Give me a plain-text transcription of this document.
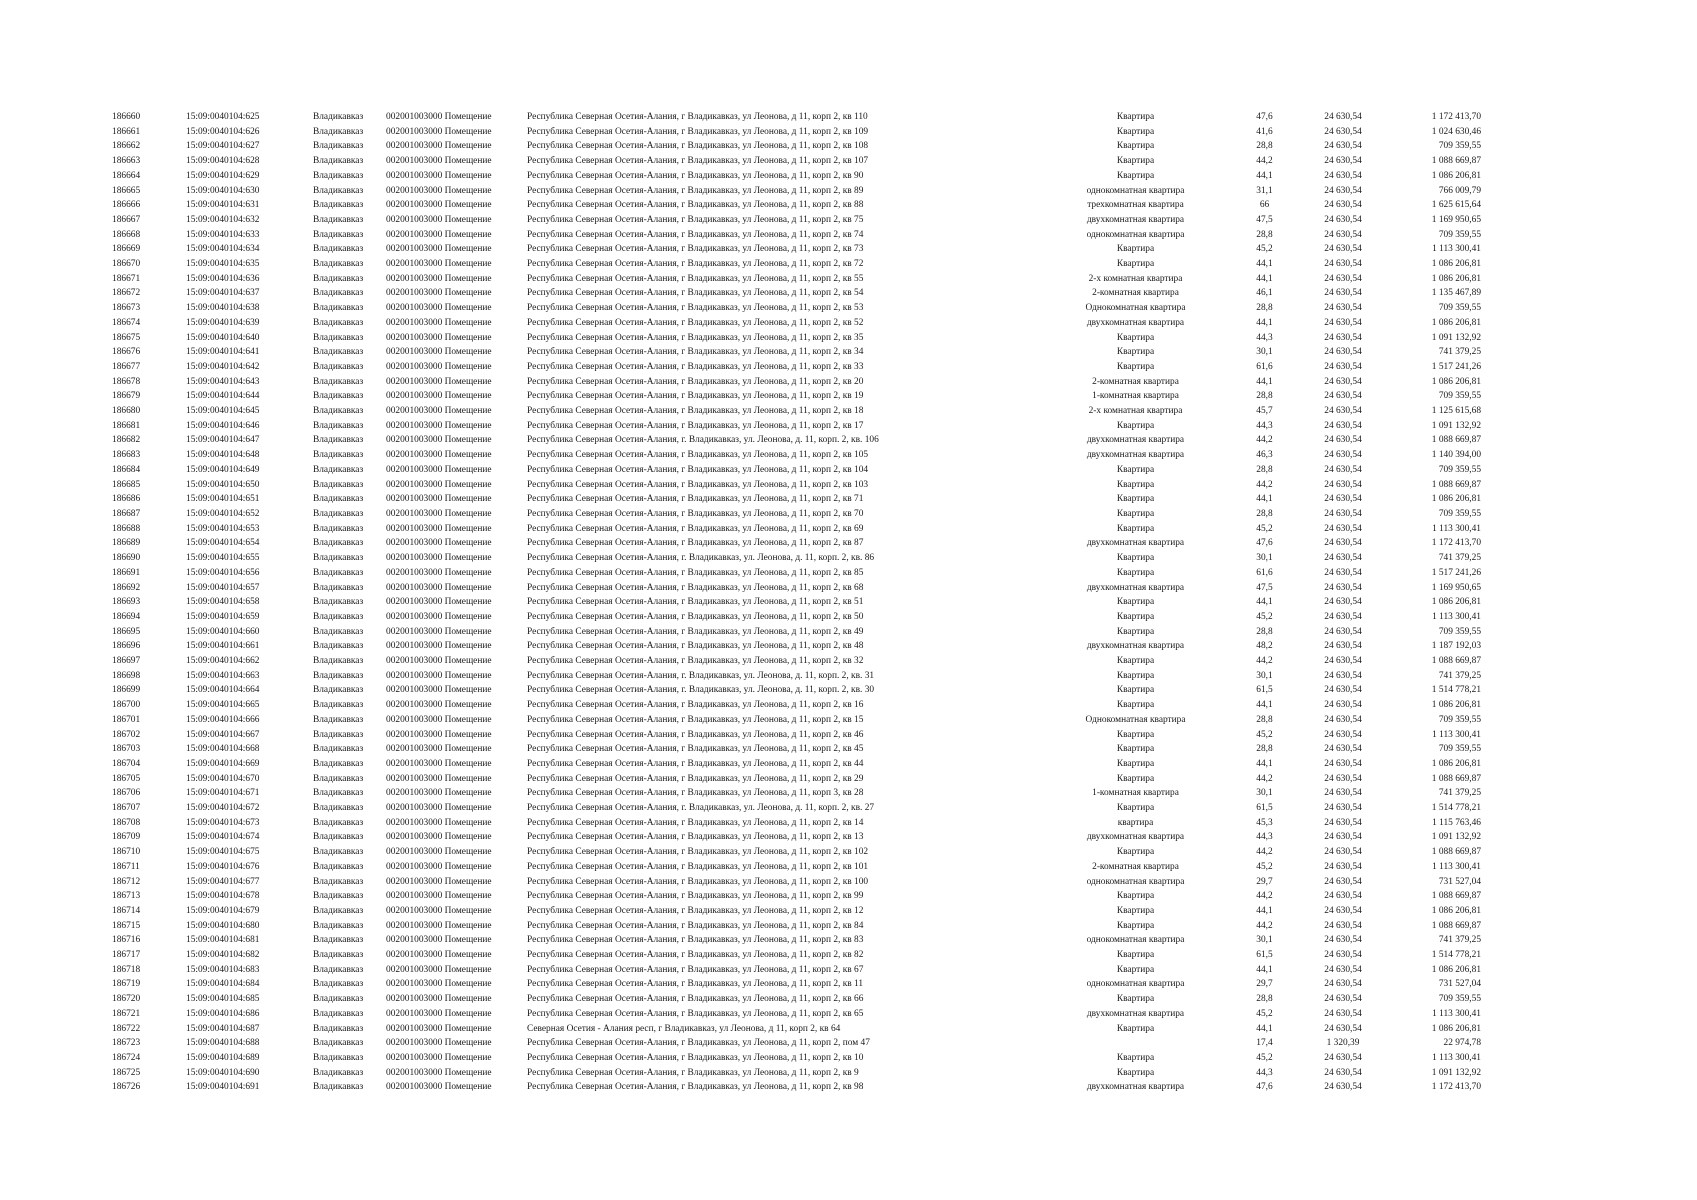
186660	15:09:0040104:625	Владикавказ	002001003000 Помещение	Республика Северная Осетия-Алания, г Владикавказ, ул Леонова, д 11, корп 2, кв 110	Квартира	47,6	24 630,54	1 172 413,70
186661	15:09:0040104:626	Владикавказ	002001003000 Помещение	Республика Северная Осетия-Алания, г Владикавказ, ул Леонова, д 11, корп 2, кв 109	Квартира	41,6	24 630,54	1 024 630,46
186662	15:09:0040104:627	Владикавказ	002001003000 Помещение	Республика Северная Осетия-Алания, г Владикавказ, ул Леонова, д 11, корп 2, кв 108	Квартира	28,8	24 630,54	709 359,55
186663	15:09:0040104:628	Владикавказ	002001003000 Помещение	Республика Северная Осетия-Алания, г Владикавказ, ул Леонова, д 11, корп 2, кв 107	Квартира	44,2	24 630,54	1 088 669,87
186664	15:09:0040104:629	Владикавказ	002001003000 Помещение	Республика Северная Осетия-Алания, г Владикавказ, ул Леонова, д 11, корп 2, кв 90	Квартира	44,1	24 630,54	1 086 206,81
186665	15:09:0040104:630	Владикавказ	002001003000 Помещение	Республика Северная Осетия-Алания, г Владикавказ, ул Леонова, д 11, корп 2, кв 89	однокомнатная квартира	31,1	24 630,54	766 009,79
186666	15:09:0040104:631	Владикавказ	002001003000 Помещение	Республика Северная Осетия-Алания, г Владикавказ, ул Леонова, д 11, корп 2, кв 88	трехкомнатная квартира	66	24 630,54	1 625 615,64
186667	15:09:0040104:632	Владикавказ	002001003000 Помещение	Республика Северная Осетия-Алания, г Владикавказ, ул Леонова, д 11, корп 2, кв 75	двухкомнатная квартира	47,5	24 630,54	1 169 950,65
186668	15:09:0040104:633	Владикавказ	002001003000 Помещение	Республика Северная Осетия-Алания, г Владикавказ, ул Леонова, д 11, корп 2, кв 74	однокомнатная квартира	28,8	24 630,54	709 359,55
186669	15:09:0040104:634	Владикавказ	002001003000 Помещение	Республика Северная Осетия-Алания, г Владикавказ, ул Леонова, д 11, корп 2, кв 73	Квартира	45,2	24 630,54	1 113 300,41
186670	15:09:0040104:635	Владикавказ	002001003000 Помещение	Республика Северная Осетия-Алания, г Владикавказ, ул Леонова, д 11, корп 2, кв 72	Квартира	44,1	24 630,54	1 086 206,81
186671	15:09:0040104:636	Владикавказ	002001003000 Помещение	Республика Северная Осетия-Алания, г Владикавказ, ул Леонова, д 11, корп 2, кв 55	2-х комнатная квартира	44,1	24 630,54	1 086 206,81
186672	15:09:0040104:637	Владикавказ	002001003000 Помещение	Республика Северная Осетия-Алания, г Владикавказ, ул Леонова, д 11, корп 2, кв 54	2-комнатная квартира	46,1	24 630,54	1 135 467,89
186673	15:09:0040104:638	Владикавказ	002001003000 Помещение	Республика Северная Осетия-Алания, г Владикавказ, ул Леонова, д 11, корп 2, кв 53	Однокомнатная квартира	28,8	24 630,54	709 359,55
186674	15:09:0040104:639	Владикавказ	002001003000 Помещение	Республика Северная Осетия-Алания, г Владикавказ, ул Леонова, д 11, корп 2, кв 52	двухкомнатная квартира	44,1	24 630,54	1 086 206,81
186675	15:09:0040104:640	Владикавказ	002001003000 Помещение	Республика Северная Осетия-Алания, г Владикавказ, ул Леонова, д 11, корп 2, кв 35	Квартира	44,3	24 630,54	1 091 132,92
186676	15:09:0040104:641	Владикавказ	002001003000 Помещение	Республика Северная Осетия-Алания, г Владикавказ, ул Леонова, д 11, корп 2, кв 34	Квартира	30,1	24 630,54	741 379,25
186677	15:09:0040104:642	Владикавказ	002001003000 Помещение	Республика Северная Осетия-Алания, г Владикавказ, ул Леонова, д 11, корп 2, кв 33	Квартира	61,6	24 630,54	1 517 241,26
186678	15:09:0040104:643	Владикавказ	002001003000 Помещение	Республика Северная Осетия-Алания, г Владикавказ, ул Леонова, д 11, корп 2, кв 20	2-комнатная квартира	44,1	24 630,54	1 086 206,81
186679	15:09:0040104:644	Владикавказ	002001003000 Помещение	Республика Северная Осетия-Алания, г Владикавказ, ул Леонова, д 11, корп 2, кв 19	1-комнатная квартира	28,8	24 630,54	709 359,55
186680	15:09:0040104:645	Владикавказ	002001003000 Помещение	Республика Северная Осетия-Алания, г Владикавказ, ул Леонова, д 11, корп 2, кв 18	2-х комнатная квартира	45,7	24 630,54	1 125 615,68
186681	15:09:0040104:646	Владикавказ	002001003000 Помещение	Республика Северная Осетия-Алания, г Владикавказ, ул Леонова, д 11, корп 2, кв 17	Квартира	44,3	24 630,54	1 091 132,92
186682	15:09:0040104:647	Владикавказ	002001003000 Помещение	Республика Северная Осетия-Алания, г. Владикавказ, ул. Леонова, д. 11, корп. 2, кв. 106	двухкомнатная квартира	44,2	24 630,54	1 088 669,87
186683	15:09:0040104:648	Владикавказ	002001003000 Помещение	Республика Северная Осетия-Алания, г Владикавказ, ул Леонова, д 11, корп 2, кв 105	двухкомнатная квартира	46,3	24 630,54	1 140 394,00
186684	15:09:0040104:649	Владикавказ	002001003000 Помещение	Республика Северная Осетия-Алания, г Владикавказ, ул Леонова, д 11, корп 2, кв 104	Квартира	28,8	24 630,54	709 359,55
186685	15:09:0040104:650	Владикавказ	002001003000 Помещение	Республика Северная Осетия-Алания, г Владикавказ, ул Леонова, д 11, корп 2, кв 103	Квартира	44,2	24 630,54	1 088 669,87
186686	15:09:0040104:651	Владикавказ	002001003000 Помещение	Республика Северная Осетия-Алания, г Владикавказ, ул Леонова, д 11, корп 2, кв 71	Квартира	44,1	24 630,54	1 086 206,81
186687	15:09:0040104:652	Владикавказ	002001003000 Помещение	Республика Северная Осетия-Алания, г Владикавказ, ул Леонова, д 11, корп 2, кв 70	Квартира	28,8	24 630,54	709 359,55
186688	15:09:0040104:653	Владикавказ	002001003000 Помещение	Республика Северная Осетия-Алания, г Владикавказ, ул Леонова, д 11, корп 2, кв 69	Квартира	45,2	24 630,54	1 113 300,41
186689	15:09:0040104:654	Владикавказ	002001003000 Помещение	Республика Северная Осетия-Алания, г Владикавказ, ул Леонова, д 11, корп 2, кв 87	двухкомнатная квартира	47,6	24 630,54	1 172 413,70
186690	15:09:0040104:655	Владикавказ	002001003000 Помещение	Республика Северная Осетия-Алания, г. Владикавказ, ул. Леонова, д. 11, корп. 2, кв. 86	Квартира	30,1	24 630,54	741 379,25
186691	15:09:0040104:656	Владикавказ	002001003000 Помещение	Республика Северная Осетия-Алания, г Владикавказ, ул Леонова, д 11, корп 2, кв 85	Квартира	61,6	24 630,54	1 517 241,26
186692	15:09:0040104:657	Владикавказ	002001003000 Помещение	Республика Северная Осетия-Алания, г Владикавказ, ул Леонова, д 11, корп 2, кв 68	двухкомнатная квартира	47,5	24 630,54	1 169 950,65
186693	15:09:0040104:658	Владикавказ	002001003000 Помещение	Республика Северная Осетия-Алания, г Владикавказ, ул Леонова, д 11, корп 2, кв 51	Квартира	44,1	24 630,54	1 086 206,81
186694	15:09:0040104:659	Владикавказ	002001003000 Помещение	Республика Северная Осетия-Алания, г Владикавказ, ул Леонова, д 11, корп 2, кв 50	Квартира	45,2	24 630,54	1 113 300,41
186695	15:09:0040104:660	Владикавказ	002001003000 Помещение	Республика Северная Осетия-Алания, г Владикавказ, ул Леонова, д 11, корп 2, кв 49	Квартира	28,8	24 630,54	709 359,55
186696	15:09:0040104:661	Владикавказ	002001003000 Помещение	Республика Северная Осетия-Алания, г Владикавказ, ул Леонова, д 11, корп 2, кв 48	двухкомнатная квартира	48,2	24 630,54	1 187 192,03
186697	15:09:0040104:662	Владикавказ	002001003000 Помещение	Республика Северная Осетия-Алания, г Владикавказ, ул Леонова, д 11, корп 2, кв 32	Квартира	44,2	24 630,54	1 088 669,87
186698	15:09:0040104:663	Владикавказ	002001003000 Помещение	Республика Северная Осетия-Алания, г. Владикавказ, ул. Леонова, д. 11, корп. 2, кв. 31	Квартира	30,1	24 630,54	741 379,25
186699	15:09:0040104:664	Владикавказ	002001003000 Помещение	Республика Северная Осетия-Алания, г. Владикавказ, ул. Леонова, д. 11, корп. 2, кв. 30	Квартира	61,5	24 630,54	1 514 778,21
186700	15:09:0040104:665	Владикавказ	002001003000 Помещение	Республика Северная Осетия-Алания, г Владикавказ, ул Леонова, д 11, корп 2, кв 16	Квартира	44,1	24 630,54	1 086 206,81
186701	15:09:0040104:666	Владикавказ	002001003000 Помещение	Республика Северная Осетия-Алания, г Владикавказ, ул Леонова, д 11, корп 2, кв 15	Однокомнатная квартира	28,8	24 630,54	709 359,55
186702	15:09:0040104:667	Владикавказ	002001003000 Помещение	Республика Северная Осетия-Алания, г Владикавказ, ул Леонова, д 11, корп 2, кв 46	Квартира	45,2	24 630,54	1 113 300,41
186703	15:09:0040104:668	Владикавказ	002001003000 Помещение	Республика Северная Осетия-Алания, г Владикавказ, ул Леонова, д 11, корп 2, кв 45	Квартира	28,8	24 630,54	709 359,55
186704	15:09:0040104:669	Владикавказ	002001003000 Помещение	Республика Северная Осетия-Алания, г Владикавказ, ул Леонова, д 11, корп 2, кв 44	Квартира	44,1	24 630,54	1 086 206,81
186705	15:09:0040104:670	Владикавказ	002001003000 Помещение	Республика Северная Осетия-Алания, г Владикавказ, ул Леонова, д 11, корп 2, кв 29	Квартира	44,2	24 630,54	1 088 669,87
186706	15:09:0040104:671	Владикавказ	002001003000 Помещение	Республика Северная Осетия-Алания, г Владикавказ, ул Леонова, д 11, корп 3, кв 28	1-комнатная квартира	30,1	24 630,54	741 379,25
186707	15:09:0040104:672	Владикавказ	002001003000 Помещение	Республика Северная Осетия-Алания, г. Владикавказ, ул. Леонова, д. 11, корп. 2, кв. 27	Квартира	61,5	24 630,54	1 514 778,21
186708	15:09:0040104:673	Владикавказ	002001003000 Помещение	Республика Северная Осетия-Алания, г Владикавказ, ул Леонова, д 11, корп 2, кв 14	квартира	45,3	24 630,54	1 115 763,46
186709	15:09:0040104:674	Владикавказ	002001003000 Помещение	Республика Северная Осетия-Алания, г Владикавказ, ул Леонова, д 11, корп 2, кв 13	двухкомнатная квартира	44,3	24 630,54	1 091 132,92
186710	15:09:0040104:675	Владикавказ	002001003000 Помещение	Республика Северная Осетия-Алания, г Владикавказ, ул Леонова, д 11, корп 2, кв 102	Квартира	44,2	24 630,54	1 088 669,87
186711	15:09:0040104:676	Владикавказ	002001003000 Помещение	Республика Северная Осетия-Алания, г Владикавказ, ул Леонова, д 11, корп 2, кв 101	2-комнатная квартира	45,2	24 630,54	1 113 300,41
186712	15:09:0040104:677	Владикавказ	002001003000 Помещение	Республика Северная Осетия-Алания, г Владикавказ, ул Леонова, д 11, корп 2, кв 100	однокомнатная квартира	29,7	24 630,54	731 527,04
186713	15:09:0040104:678	Владикавказ	002001003000 Помещение	Республика Северная Осетия-Алания, г Владикавказ, ул Леонова, д 11, корп 2, кв 99	Квартира	44,2	24 630,54	1 088 669,87
186714	15:09:0040104:679	Владикавказ	002001003000 Помещение	Республика Северная Осетия-Алания, г Владикавказ, ул Леонова, д 11, корп 2, кв 12	Квартира	44,1	24 630,54	1 086 206,81
186715	15:09:0040104:680	Владикавказ	002001003000 Помещение	Республика Северная Осетия-Алания, г Владикавказ, ул Леонова, д 11, корп 2, кв 84	Квартира	44,2	24 630,54	1 088 669,87
186716	15:09:0040104:681	Владикавказ	002001003000 Помещение	Республика Северная Осетия-Алания, г Владикавказ, ул Леонова, д 11, корп 2, кв 83	однокомнатная квартира	30,1	24 630,54	741 379,25
186717	15:09:0040104:682	Владикавказ	002001003000 Помещение	Республика Северная Осетия-Алания, г Владикавказ, ул Леонова, д 11, корп 2, кв 82	Квартира	61,5	24 630,54	1 514 778,21
186718	15:09:0040104:683	Владикавказ	002001003000 Помещение	Республика Северная Осетия-Алания, г Владикавказ, ул Леонова, д 11, корп 2, кв 67	Квартира	44,1	24 630,54	1 086 206,81
186719	15:09:0040104:684	Владикавказ	002001003000 Помещение	Республика Северная Осетия-Алания, г Владикавказ, ул Леонова, д 11, корп 2, кв 11	однокомнатная квартира	29,7	24 630,54	731 527,04
186720	15:09:0040104:685	Владикавказ	002001003000 Помещение	Республика Северная Осетия-Алания, г Владикавказ, ул Леонова, д 11, корп 2, кв 66	Квартира	28,8	24 630,54	709 359,55
186721	15:09:0040104:686	Владикавказ	002001003000 Помещение	Республика Северная Осетия-Алания, г Владикавказ, ул Леонова, д 11, корп 2, кв 65	двухкомнатная квартира	45,2	24 630,54	1 113 300,41
186722	15:09:0040104:687	Владикавказ	002001003000 Помещение	Северная Осетия - Алания респ, г Владикавказ, ул Леонова, д 11, корп 2, кв 64	Квартира	44,1	24 630,54	1 086 206,81
186723	15:09:0040104:688	Владикавказ	002001003000 Помещение	Республика Северная Осетия-Алания, г Владикавказ, ул Леонова, д 11, корп 2, пом 47		17,4	1 320,39	22 974,78
186724	15:09:0040104:689	Владикавказ	002001003000 Помещение	Республика Северная Осетия-Алания, г Владикавказ, ул Леонова, д 11, корп 2, кв 10	Квартира	45,2	24 630,54	1 113 300,41
186725	15:09:0040104:690	Владикавказ	002001003000 Помещение	Республика Северная Осетия-Алания, г Владикавказ, ул Леонова, д 11, корп 2, кв 9	Квартира	44,3	24 630,54	1 091 132,92
186726	15:09:0040104:691	Владикавказ	002001003000 Помещение	Республика Северная Осетия-Алания, г Владикавказ, ул Леонова, д 11, корп 2, кв 98	двухкомнатная квартира	47,6	24 630,54	1 172 413,70
